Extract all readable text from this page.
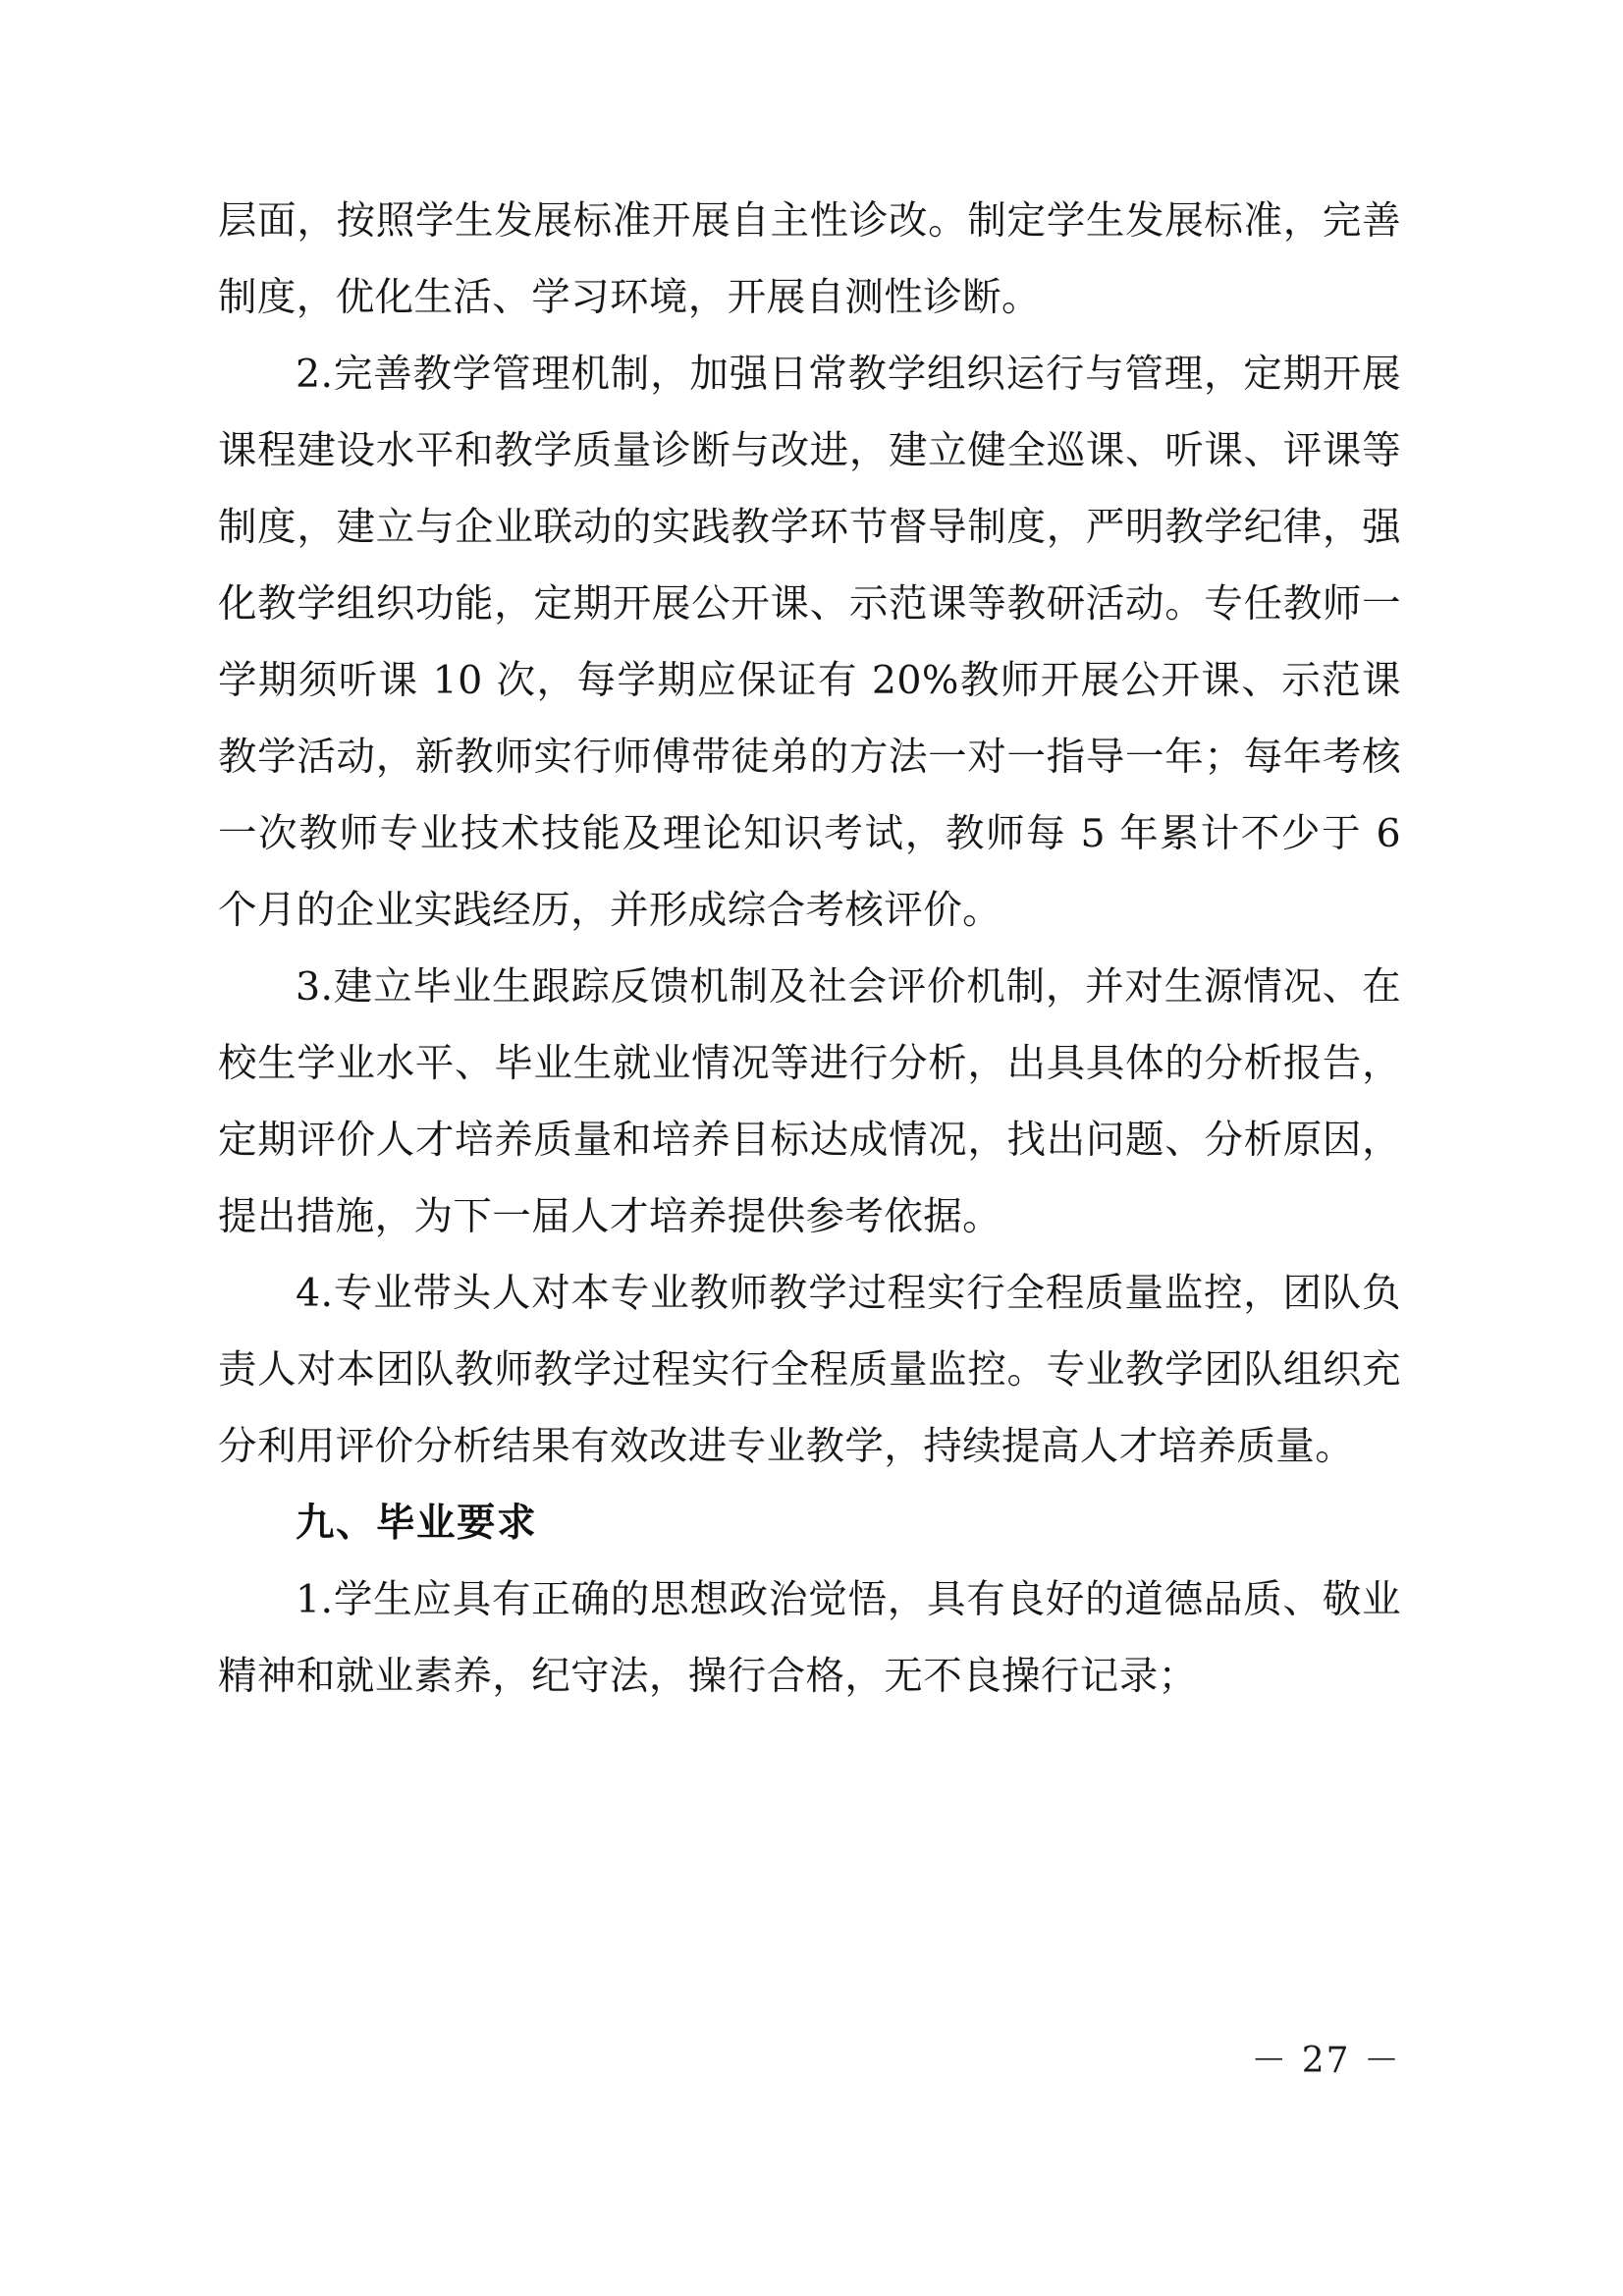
层面，按照学生发展标准开展自主性诊改。制定学生发展标准，完善制度，优化生活、学习环境，开展自测性诊断。

2.完善教学管理机制，加强日常教学组织运行与管理，定期开展课程建设水平和教学质量诊断与改进，建立健全巡课、听课、评课等制度，建立与企业联动的实践教学环节督导制度，严明教学纪律，强化教学组织功能，定期开展公开课、示范课等教研活动。专任教师一学期须听课 10 次，每学期应保证有 20%教师开展公开课、示范课教学活动，新教师实行师傅带徒弟的方法一对一指导一年；每年考核一次教师专业技术技能及理论知识考试，教师每 5 年累计不少于 6 个月的企业实践经历，并形成综合考核评价。

3.建立毕业生跟踪反馈机制及社会评价机制，并对生源情况、在校生学业水平、毕业生就业情况等进行分析，出具具体的分析报告，定期评价人才培养质量和培养目标达成情况，找出问题、分析原因，提出措施，为下一届人才培养提供参考依据。

4.专业带头人对本专业教师教学过程实行全程质量监控，团队负责人对本团队教师教学过程实行全程质量监控。专业教学团队组织充分利用评价分析结果有效改进专业教学，持续提高人才培养质量。

九、毕业要求

1.学生应具有正确的思想政治觉悟，具有良好的道德品质、敬业精神和就业素养，纪守法，操行合格，无不良操行记录；

－ 27 －
